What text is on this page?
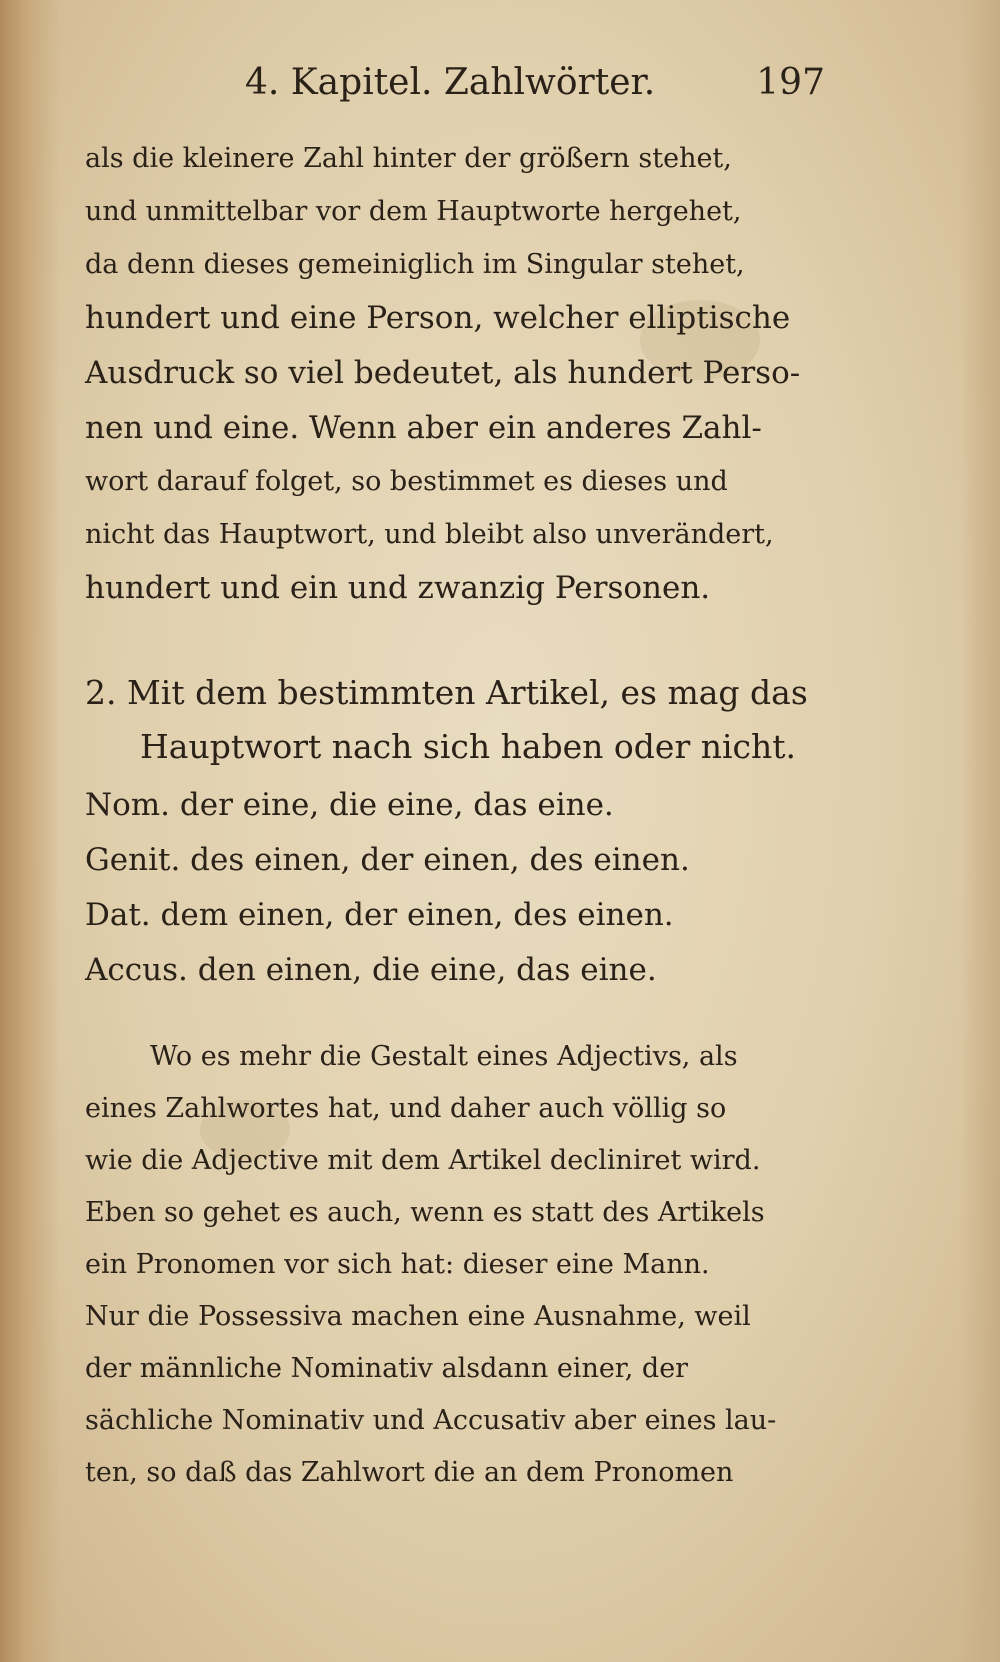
4. Kapitel. Zahlwörter.	197
als die kleinere Zahl hinter der größern stehet,
und unmittelbar vor dem Hauptworte hergehet,
da denn dieses gemeiniglich im Singular stehet,
hundert und eine Person, welcher elliptische
Ausdruck so viel bedeutet, als hundert Perso-
nen und eine. Wenn aber ein anderes Zahl-
wort darauf folget, so bestimmet es dieses und
nicht das Hauptwort, und bleibt also unverändert,
hundert und ein und zwanzig Personen.
2. Mit dem bestimmten Artikel, es mag das
Hauptwort nach sich haben oder nicht.
Nom. der eine, die eine, das eine.
Genit. des einen, der einen, des einen.
Dat. dem einen, der einen, des einen.
Accus. den einen, die eine, das eine.
Wo es mehr die Gestalt eines Adjectivs, als
eines Zahlwortes hat, und daher auch völlig so
wie die Adjective mit dem Artikel decliniret wird.
Eben so gehet es auch, wenn es statt des Artikels
ein Pronomen vor sich hat: dieser eine Mann.
Nur die Possessiva machen eine Ausnahme, weil
der männliche Nominativ alsdann einer, der
sächliche Nominativ und Accusativ aber eines lau-
ten, so daß das Zahlwort die an dem Pronomen
